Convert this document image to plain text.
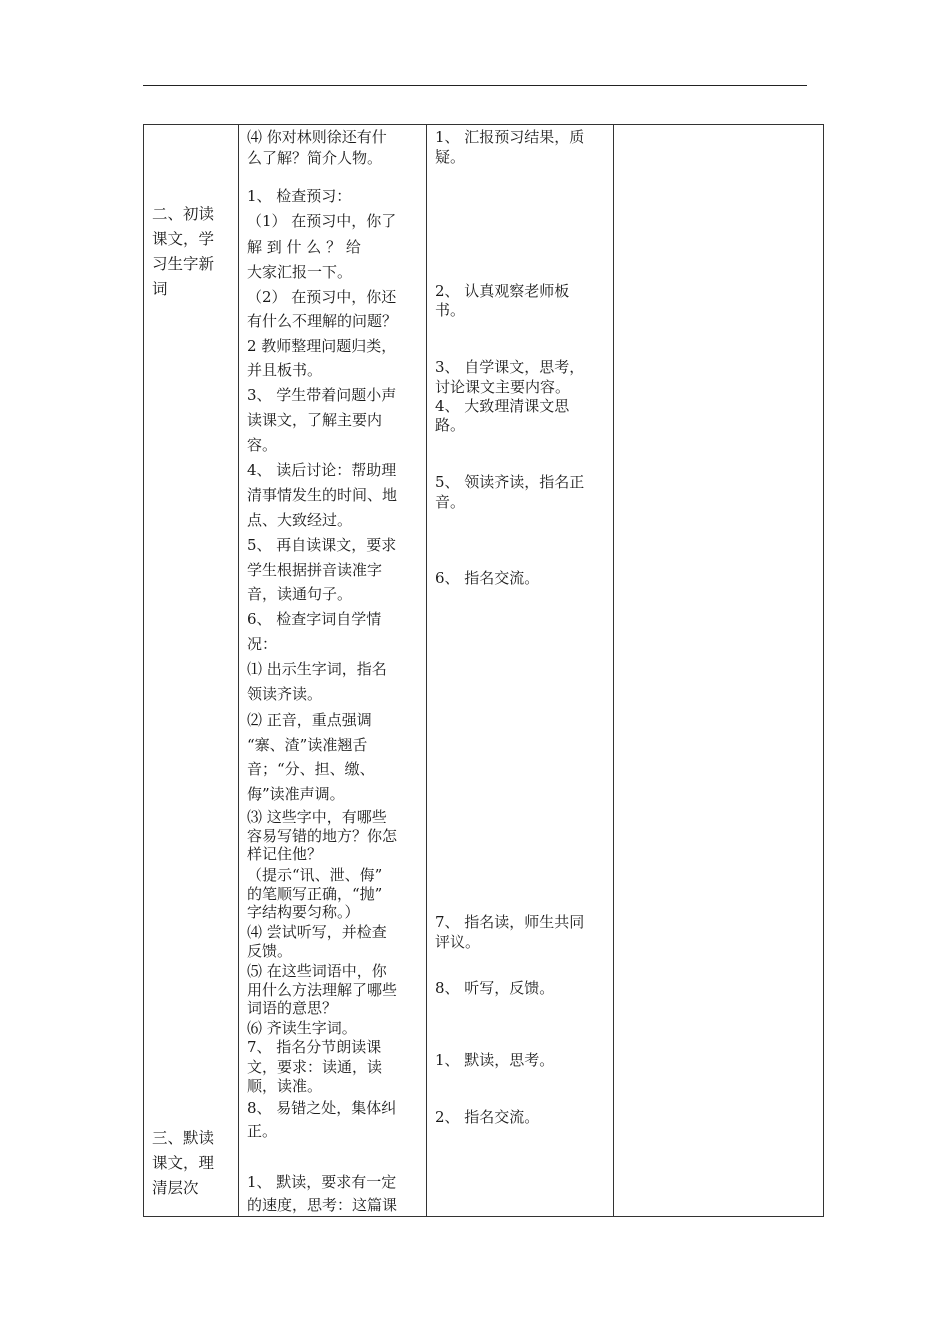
二、初读
课文，学
习生字新
词
三、默读
课文，理
清层次
⑷ 你对林则徐还有什
么了解？简介人物。
1、 检查预习：
（1） 在预习中，你了
解 到 什 么 ？ 给
大家汇报一下。
（2） 在预习中，你还
有什么不理解的问题？
2 教师整理问题归类，
并且板书。
3、 学生带着问题小声
读课文，了解主要内
容。
4、 读后讨论：帮助理
清事情发生的时间、地
点、大致经过。
5、 再自读课文，要求
学生根据拼音读准字
音，读通句子。
6、 检查字词自学情
况：
⑴ 出示生字词，指名
领读齐读。
⑵ 正音，重点强调
“寨、渣”读准翘舌
音；“分、担、缴、
侮”读准声调。
⑶ 这些字中，有哪些
容易写错的地方？你怎
样记住他？
（提示“讯、泄、侮”
的笔顺写正确，“抛”
字结构要匀称。）
⑷ 尝试听写，并检查
反馈。
⑸ 在这些词语中，你
用什么方法理解了哪些
词语的意思？
⑹ 齐读生字词。
7、 指名分节朗读课
文，要求：读通，读
顺，读准。
8、 易错之处，集体纠
正。
1、 默读，要求有一定
的速度，思考：这篇课
1、 汇报预习结果，质
疑。
2、 认真观察老师板
书。
3、 自学课文，思考，
讨论课文主要内容。
4、 大致理清课文思
路。
5、 领读齐读，指名正
音。
6、 指名交流。
7、 指名读，师生共同
评议。
8、 听写，反馈。
1、 默读，思考。
2、 指名交流。
